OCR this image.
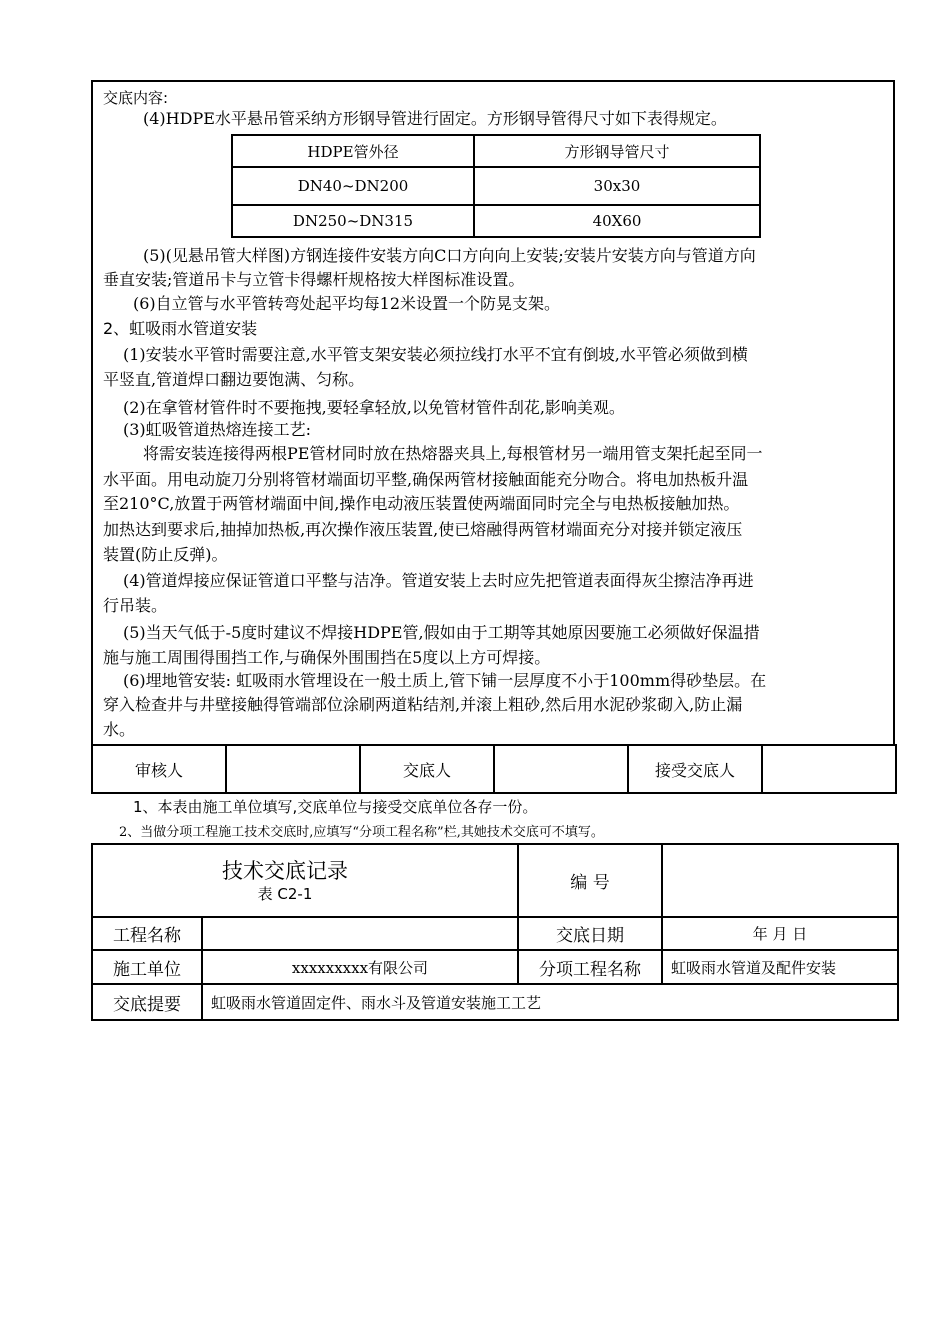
交底内容:
(4)HDPE水平悬吊管采纳方形钢导管进行固定。方形钢导管得尺寸如下表得规定。
HDPE管外径	方形钢导管尺寸
DN40~DN200	30x30
DN250~DN315	40X60
(5)(见悬吊管大样图)方钢连接件安装方向C口方向向上安装;安装片安装方向与管道方向
垂直安装;管道吊卡与立管卡得螺杆规格按大样图标准设置。
(6)自立管与水平管转弯处起平均每12米设置一个防晃支架。
2、虹吸雨水管道安装
(1)安装水平管时需要注意,水平管支架安装必须拉线打水平不宜有倒坡,水平管必须做到横
平竖直,管道焊口翻边要饱满、匀称。
(2)在拿管材管件时不要拖拽,要轻拿轻放,以免管材管件刮花,影响美观。
(3)虹吸管道热熔连接工艺:
将需安装连接得两根PE管材同时放在热熔器夹具上,每根管材另一端用管支架托起至同一
水平面。用电动旋刀分别将管材端面切平整,确保两管材接触面能充分吻合。将电加热板升温
至210°C,放置于两管材端面中间,操作电动液压装置使两端面同时完全与电热板接触加热。
加热达到要求后,抽掉加热板,再次操作液压装置,使已熔融得两管材端面充分对接并锁定液压
装置(防止反弹)。
(4)管道焊接应保证管道口平整与洁净。管道安装上去时应先把管道表面得灰尘擦洁净再进
行吊装。
(5)当天气低于-5度时建议不焊接HDPE管,假如由于工期等其她原因要施工必须做好保温措
施与施工周围得围挡工作,与确保外围围挡在5度以上方可焊接。
(6)埋地管安装: 虹吸雨水管埋设在一般土质上,管下铺一层厚度不小于100mm得砂垫层。在
穿入检查井与井壁接触得管端部位涂刷两道粘结剂,并滚上粗砂,然后用水泥砂浆砌入,防止漏
水。
审核人		交底人		接受交底人	
1、本表由施工单位填写,交底单位与接受交底单位各存一份。
2、当做分项工程施工技术交底时,应填写“分项工程名称”栏,其她技术交底可不填写。
技术交底记录
表 C2-1		编 号	
工程名称		交底日期	年 月 日
施工单位	xxxxxxxxx有限公司	分项工程名称	虹吸雨水管道及配件安装
交底提要	虹吸雨水管道固定件、雨水斗及管道安装施工工艺		
